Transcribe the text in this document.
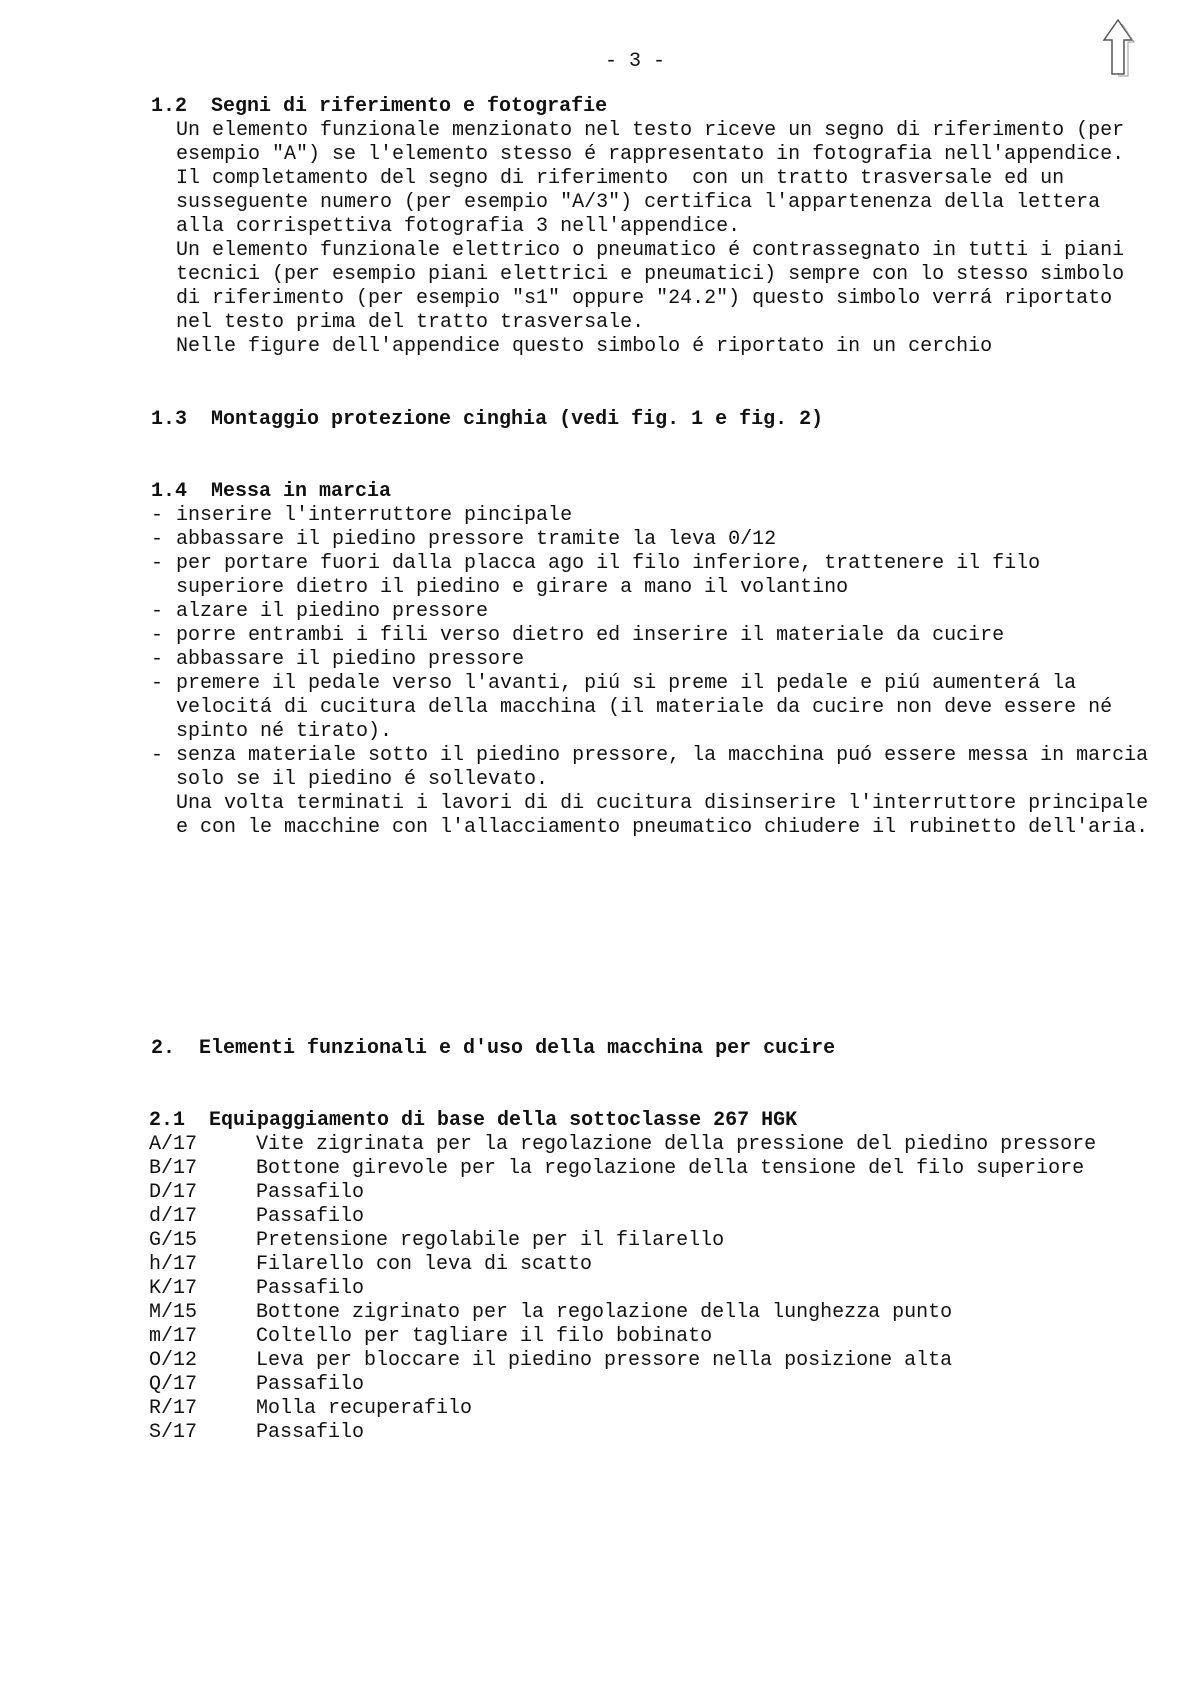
- 3 -
1.2  Segni di riferimento e fotografie
Un elemento funzionale menzionato nel testo riceve un segno di riferimento (per
esempio "A") se l'elemento stesso é rappresentato in fotografia nell'appendice.
Il completamento del segno di riferimento  con un tratto trasversale ed un
susseguente numero (per esempio "A/3") certifica l'appartenenza della lettera
alla corrispettiva fotografia 3 nell'appendice.
Un elemento funzionale elettrico o pneumatico é contrassegnato in tutti i piani
tecnici (per esempio piani elettrici e pneumatici) sempre con lo stesso simbolo
di riferimento (per esempio "s1" oppure "24.2") questo simbolo verrá riportato
nel testo prima del tratto trasversale.
Nelle figure dell'appendice questo simbolo é riportato in un cerchio
1.3  Montaggio protezione cinghia (vedi fig. 1 e fig. 2)
1.4  Messa in marcia
- inserire l'interruttore pincipale
- abbassare il piedino pressore tramite la leva 0/12
- per portare fuori dalla placca ago il filo inferiore, trattenere il filo
superiore dietro il piedino e girare a mano il volantino
- alzare il piedino pressore
- porre entrambi i fili verso dietro ed inserire il materiale da cucire
- abbassare il piedino pressore
- premere il pedale verso l'avanti, piú si preme il pedale e piú aumenterá la
velocitá di cucitura della macchina (il materiale da cucire non deve essere né
spinto né tirato).
- senza materiale sotto il piedino pressore, la macchina puó essere messa in marcia
solo se il piedino é sollevato.
Una volta terminati i lavori di di cucitura disinserire l'interruttore principale
e con le macchine con l'allacciamento pneumatico chiudere il rubinetto dell'aria.
2.  Elementi funzionali e d'uso della macchina per cucire
2.1  Equipaggiamento di base della sottoclasse 267 HGK
A/17	Vite zigrinata per la regolazione della pressione del piedino pressore
B/17	Bottone girevole per la regolazione della tensione del filo superiore
D/17	Passafilo
d/17	Passafilo
G/15	Pretensione regolabile per il filarello
h/17	Filarello con leva di scatto
K/17	Passafilo
M/15	Bottone zigrinato per la regolazione della lunghezza punto
m/17	Coltello per tagliare il filo bobinato
O/12	Leva per bloccare il piedino pressore nella posizione alta
Q/17	Passafilo
R/17	Molla recuperafilo
S/17	Passafilo
